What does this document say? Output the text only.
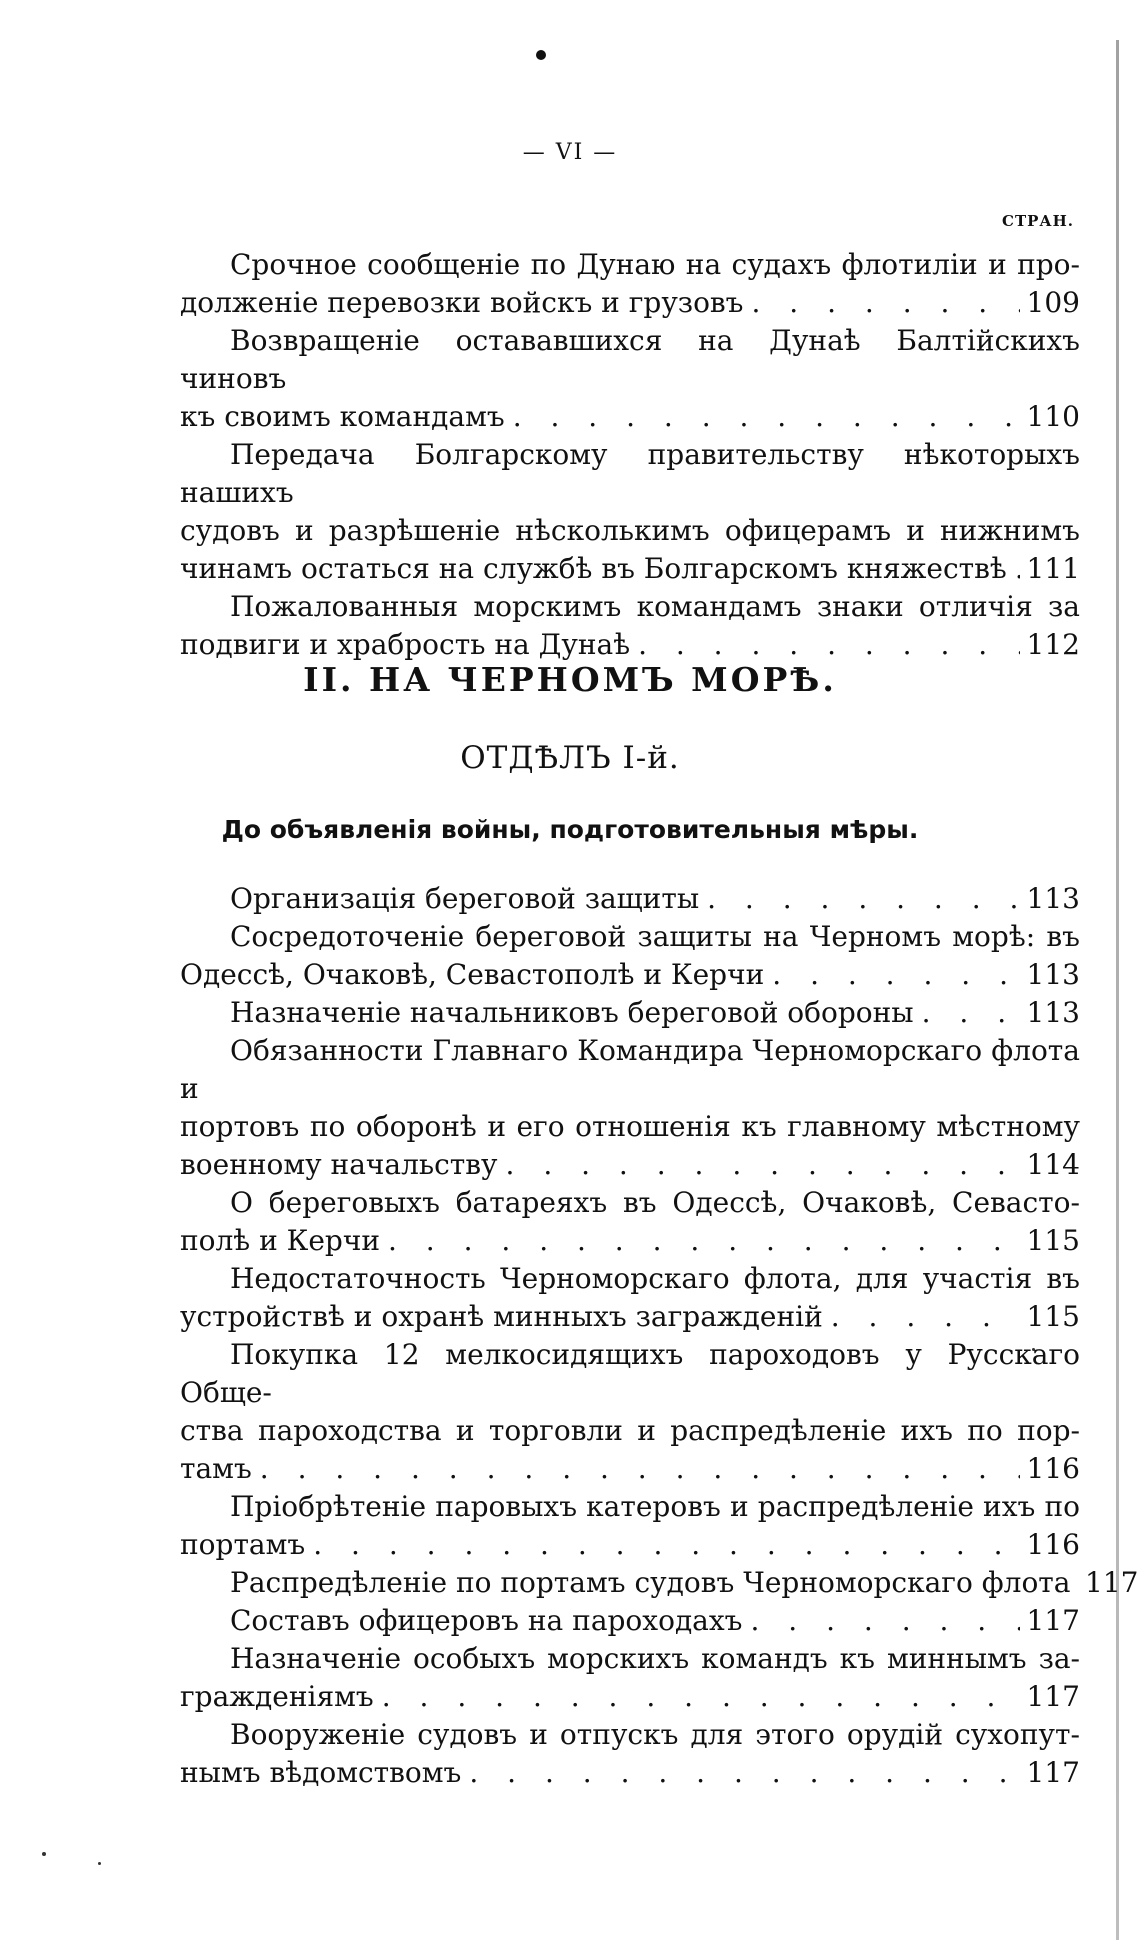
— VI —
СТРАН.
Срочное сообщеніе по Дунаю на судахъ флотиліи и про-
долженіе перевозки войскъ и грузовъ . . .	109
Возвращеніе остававшихся на Дунаѣ Балтійскихъ чиновъ
къ своимъ командамъ . . .	110
Передача Болгарскому правительству нѣкоторыхъ нашихъ
судовъ и разрѣшеніе нѣсколькимъ офицерамъ и нижнимъ
чинамъ остаться на службѣ въ Болгарскомъ княжествѣ . . . 111
Пожалованныя морскимъ командамъ знаки отличія за
подвиги и храбрость на Дунаѣ . . .	112
II. НА ЧЕРНОМЪ МОРѢ.
ОТДѢЛЪ І-й.
До объявленія войны, подготовительныя мѣры.
Организація береговой защиты . . .	113
Сосредоточеніе береговой защиты на Черномъ морѣ: въ
Одессѣ, Очаковѣ, Севастополѣ и Керчи . . .	113
Назначеніе начальниковъ береговой обороны . . .	113
Обязанности Главнаго Командира Черноморскаго флота и
портовъ по оборонѣ и его отношенія къ главному мѣстному
военному начальству . . .	114
О береговыхъ батареяхъ въ Одессѣ, Очаковѣ, Севасто-
полѣ и Керчи . . .	115
Недостаточность Черноморскаго флота, для участія въ
устройствѣ и охранѣ минныхъ загражденій . . .	115
Покупка 12 мелкосидящихъ пароходовъ у Русскаго Обще-
ства пароходства и торговли и распредѣленіе ихъ по пор-
тамъ . . .	116
Пріобрѣтеніе паровыхъ катеровъ и распредѣленіе ихъ по
портамъ . . .	116
Распредѣленіе по портамъ судовъ Черноморскаго флота . . . 117
Составъ офицеровъ на пароходахъ . . .	117
Назначеніе особыхъ морскихъ командъ къ миннымъ за-
гражденіямъ . . .	117
Вооруженіе судовъ и отпускъ для этого орудій сухопут-
нымъ вѣдомствомъ . . .	117
